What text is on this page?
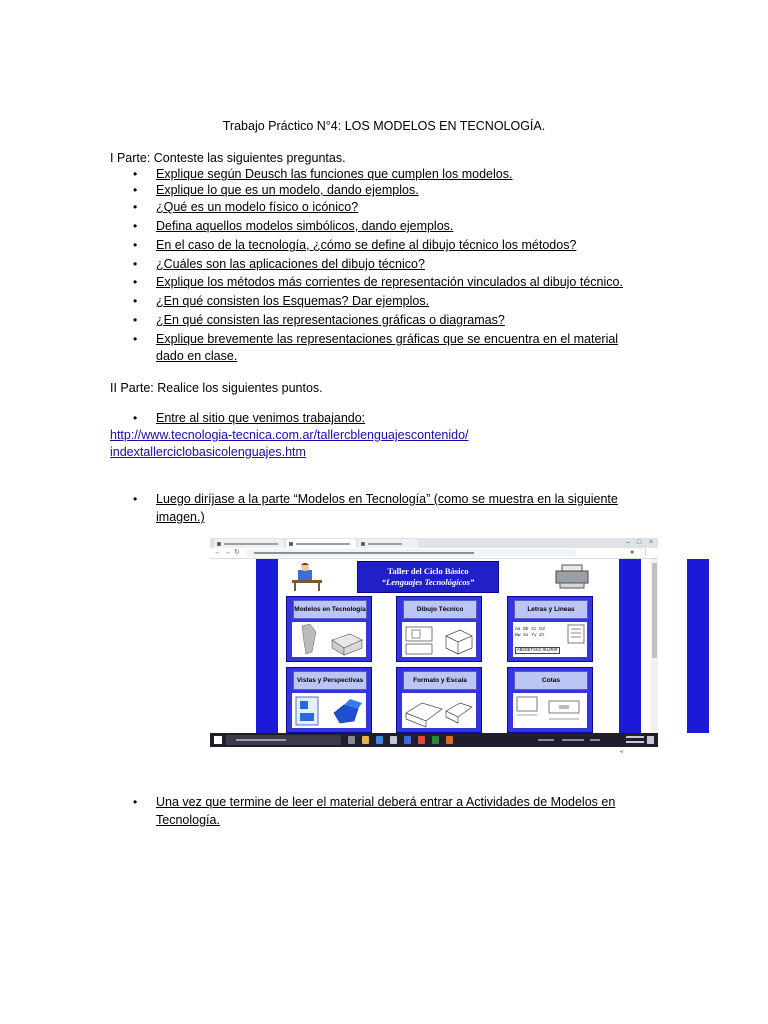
Trabajo Práctico N°4: LOS MODELOS EN TECNOLOGÍA.
I Parte: Conteste las siguientes preguntas.
• Explique según Deusch las funciones que cumplen los modelos.
• Explique lo que es un modelo, dando ejemplos.
• ¿Qué es un modelo físico o icónico?
• Defina aquellos modelos simbólicos, dando ejemplos.
• En el caso de la tecnología, ¿cómo se define al dibujo técnico los métodos?
• ¿Cuáles son las aplicaciones del dibujo técnico?
• Explique los métodos más corrientes de representación vinculados al dibujo técnico.
• ¿En qué consisten los Esquemas? Dar ejemplos.
• ¿En qué consisten las representaciones gráficas o diagramas?
• Explique brevemente las representaciones gráficas que se encuentra en el material
dado en clase.
II Parte: Realice los siguientes puntos.
• Entre al sitio que venimos trabajando:
http://www.tecnologia-tecnica.com.ar/tallercblenguajescontenido/
indextallerciclobasicolenguajes.htm
• Luego diríjase a la parte “Modelos en Tecnología” (como se muestra en la siguiente
imagen.)
– □ ×
← → ↻	● ⋮
Taller del Ciclo Básico
“Lenguajes Tecnológicos”
Modelos en Tecnología	Dibujo Técnico	Letras y Líneas
Aa Bb Cc Dd
Ww Xx Yy Zz
ABCDEFGHIJKLMNO
Vistas y Perspectivas	Formato y Escala	Cotas
⟲
• Una vez que termine de leer el material deberá entrar a Actividades de Modelos en
Tecnología.
